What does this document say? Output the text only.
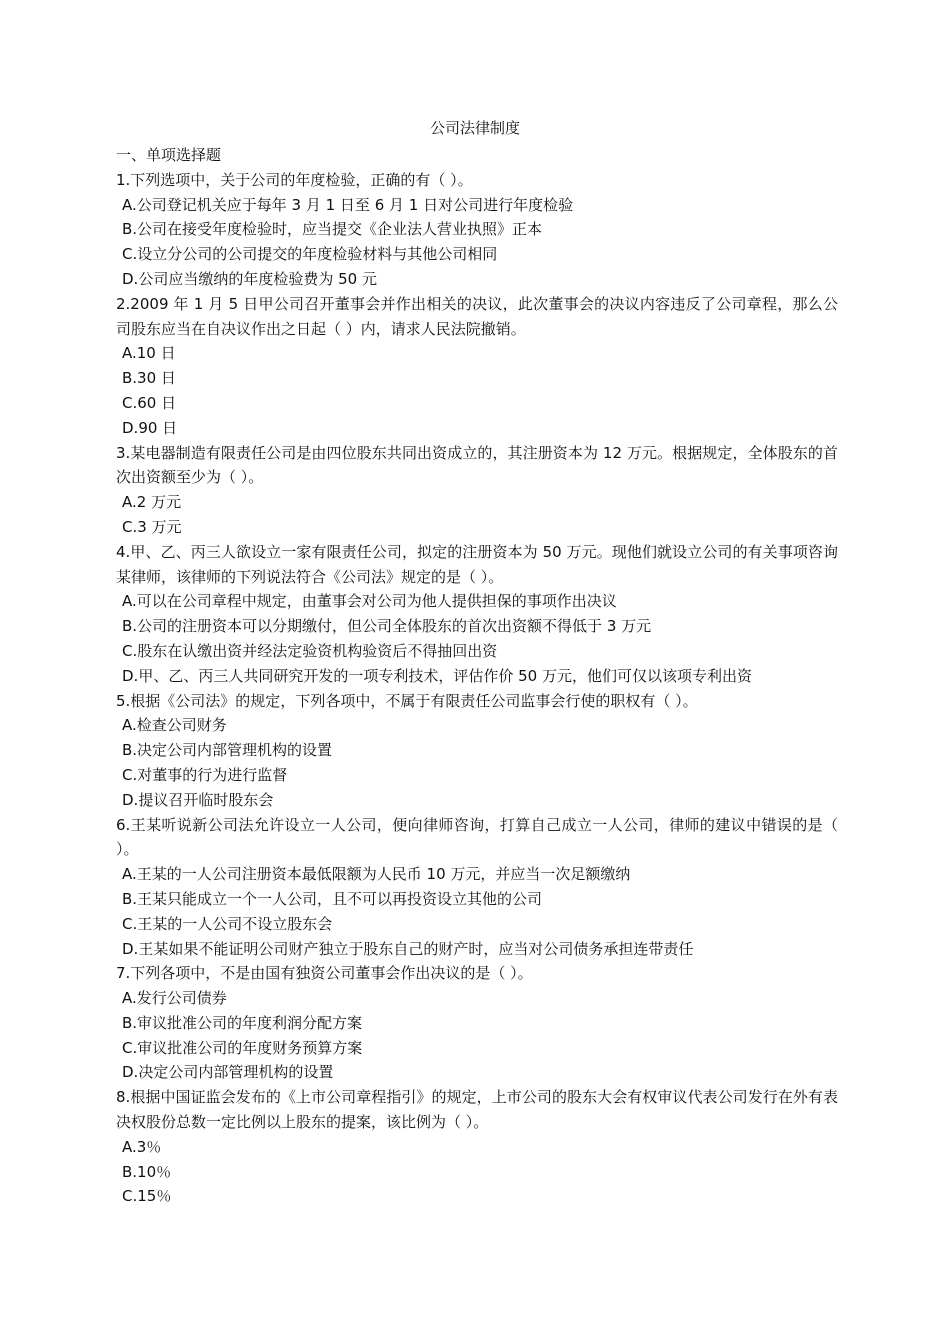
公司法律制度
一、单项选择题
1.下列选项中，关于公司的年度检验，正确的有（ ）。
A.公司登记机关应于每年 3 月 1 日至 6 月 1 日对公司进行年度检验
B.公司在接受年度检验时，应当提交《企业法人营业执照》正本
C.设立分公司的公司提交的年度检验材料与其他公司相同
D.公司应当缴纳的年度检验费为 50 元
2.2009 年 1 月 5 日甲公司召开董事会并作出相关的决议，此次董事会的决议内容违反了公司章程，那么公司股东应当在自决议作出之日起（ ）内，请求人民法院撤销。
A.10 日
B.30 日
C.60 日
D.90 日
3.某电器制造有限责任公司是由四位股东共同出资成立的，其注册资本为 12 万元。根据规定，全体股东的首次出资额至少为（ ）。
A.2 万元
C.3 万元
4.甲、乙、丙三人欲设立一家有限责任公司，拟定的注册资本为 50 万元。现他们就设立公司的有关事项咨询某律师，该律师的下列说法符合《公司法》规定的是（ ）。
A.可以在公司章程中规定，由董事会对公司为他人提供担保的事项作出决议
B.公司的注册资本可以分期缴付，但公司全体股东的首次出资额不得低于 3 万元
C.股东在认缴出资并经法定验资机构验资后不得抽回出资
D.甲、乙、丙三人共同研究开发的一项专利技术，评估作价 50 万元，他们可仅以该项专利出资
5.根据《公司法》的规定，下列各项中，不属于有限责任公司监事会行使的职权有（ ）。
A.检查公司财务
B.决定公司内部管理机构的设置
C.对董事的行为进行监督
D.提议召开临时股东会
6.王某听说新公司法允许设立一人公司，便向律师咨询，打算自己成立一人公司，律师的建议中错误的是（ ）。
A.王某的一人公司注册资本最低限额为人民币 10 万元，并应当一次足额缴纳
B.王某只能成立一个一人公司，且不可以再投资设立其他的公司
C.王某的一人公司不设立股东会
D.王某如果不能证明公司财产独立于股东自己的财产时，应当对公司债务承担连带责任
7.下列各项中，不是由国有独资公司董事会作出决议的是（ ）。
A.发行公司债券
B.审议批准公司的年度利润分配方案
C.审议批准公司的年度财务预算方案
D.决定公司内部管理机构的设置
8.根据中国证监会发布的《上市公司章程指引》的规定，上市公司的股东大会有权审议代表公司发行在外有表决权股份总数一定比例以上股东的提案，该比例为（ ）。
A.3％
B.10％
C.15％
